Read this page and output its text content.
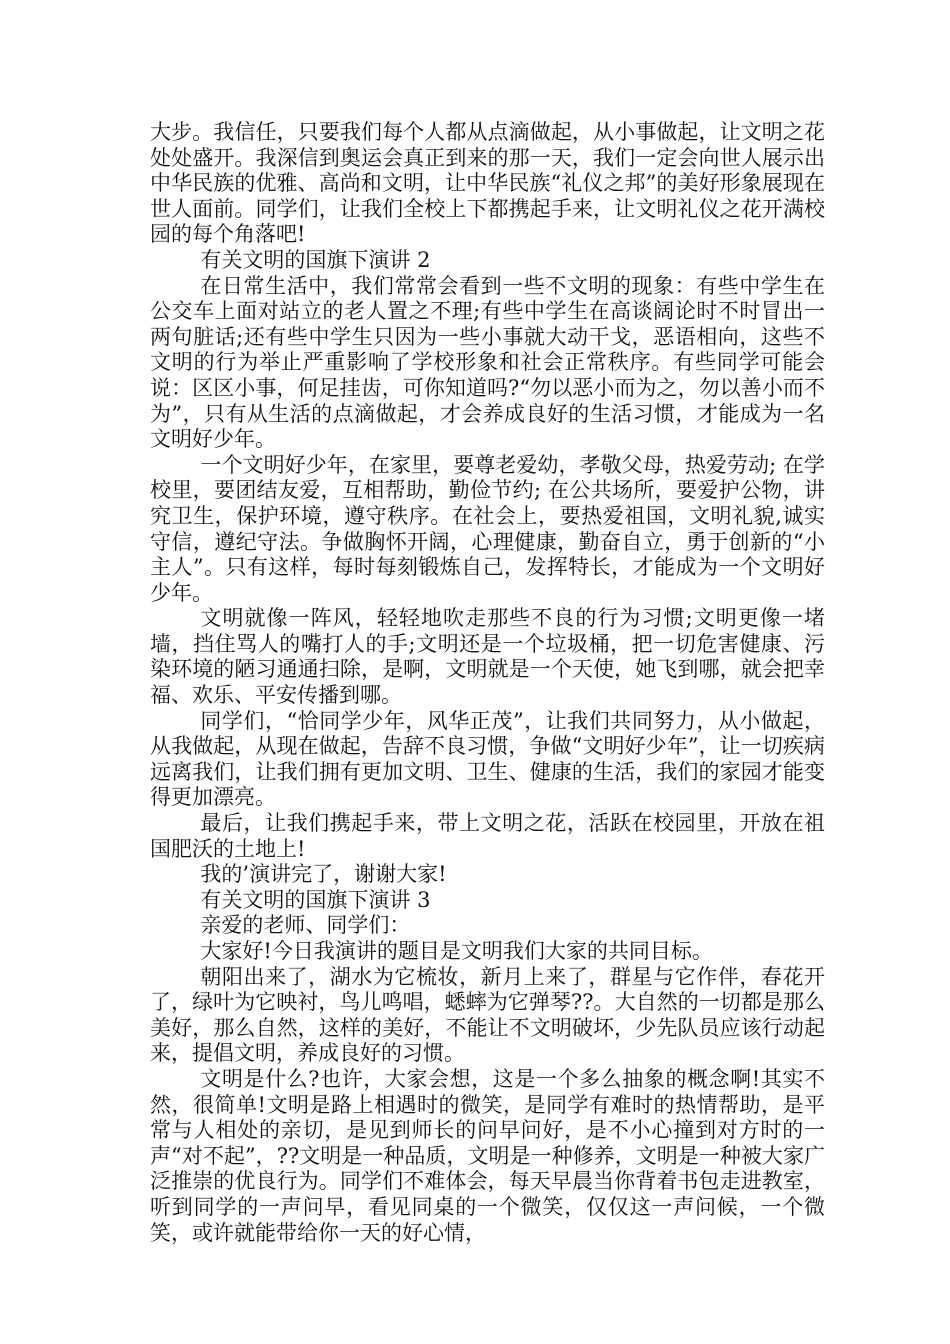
大步。我信任，只要我们每个人都从点滴做起，从小事做起，让文明之花处处盛开。我深信到奥运会真正到来的那一天，我们一定会向世人展示出中华民族的优雅、高尚和文明，让中华民族“礼仪之邦”的美好形象展现在世人面前。同学们，让我们全校上下都携起手来，让文明礼仪之花开满校园的每个角落吧!

有关文明的国旗下演讲 2

在日常生活中，我们常常会看到一些不文明的现象：有些中学生在公交车上面对站立的老人置之不理;有些中学生在高谈阔论时不时冒出一两句脏话;还有些中学生只因为一些小事就大动干戈，恶语相向，这些不文明的行为举止严重影响了学校形象和社会正常秩序。有些同学可能会说：区区小事，何足挂齿，可你知道吗?“勿以恶小而为之，勿以善小而不为”，只有从生活的点滴做起，才会养成良好的生活习惯，才能成为一名文明好少年。

一个文明好少年，在家里，要尊老爱幼，孝敬父母，热爱劳动; 在学校里，要团结友爱，互相帮助，勤俭节约; 在公共场所，要爱护公物，讲究卫生，保护环境，遵守秩序。在社会上，要热爱祖国，文明礼貌,诚实守信，遵纪守法。争做胸怀开阔，心理健康，勤奋自立，勇于创新的“小主人”。只有这样，每时每刻锻炼自己，发挥特长，才能成为一个文明好少年。

文明就像一阵风，轻轻地吹走那些不良的行为习惯;文明更像一堵墙，挡住骂人的嘴打人的手;文明还是一个垃圾桶，把一切危害健康、污染环境的陋习通通扫除，是啊，文明就是一个天使，她飞到哪，就会把幸福、欢乐、平安传播到哪。

同学们，“恰同学少年，风华正茂”，让我们共同努力，从小做起，从我做起，从现在做起，告辞不良习惯，争做“文明好少年”，让一切疾病远离我们，让我们拥有更加文明、卫生、健康的生活，我们的家园才能变得更加漂亮。

最后，让我们携起手来，带上文明之花，活跃在校园里，开放在祖国肥沃的土地上!

我的’演讲完了，谢谢大家!

有关文明的国旗下演讲 3

亲爱的老师、同学们：

大家好!今日我演讲的题目是文明我们大家的共同目标。

朝阳出来了，湖水为它梳妆，新月上来了，群星与它作伴，春花开了，绿叶为它映衬，鸟儿鸣唱，蟋蟀为它弹琴??。大自然的一切都是那么美好，那么自然，这样的美好，不能让不文明破坏，少先队员应该行动起来，提倡文明，养成良好的习惯。

文明是什么?也许，大家会想，这是一个多么抽象的概念啊!其实不然，很简单!文明是路上相遇时的微笑，是同学有难时的热情帮助，是平常与人相处的亲切，是见到师长的问早问好，是不小心撞到对方时的一声“对不起”，??文明是一种品质，文明是一种修养，文明是一种被大家广泛推崇的优良行为。同学们不难体会，每天早晨当你背着书包走进教室，听到同学的一声问早，看见同桌的一个微笑，仅仅这一声问候，一个微笑，或许就能带给你一天的好心情，
